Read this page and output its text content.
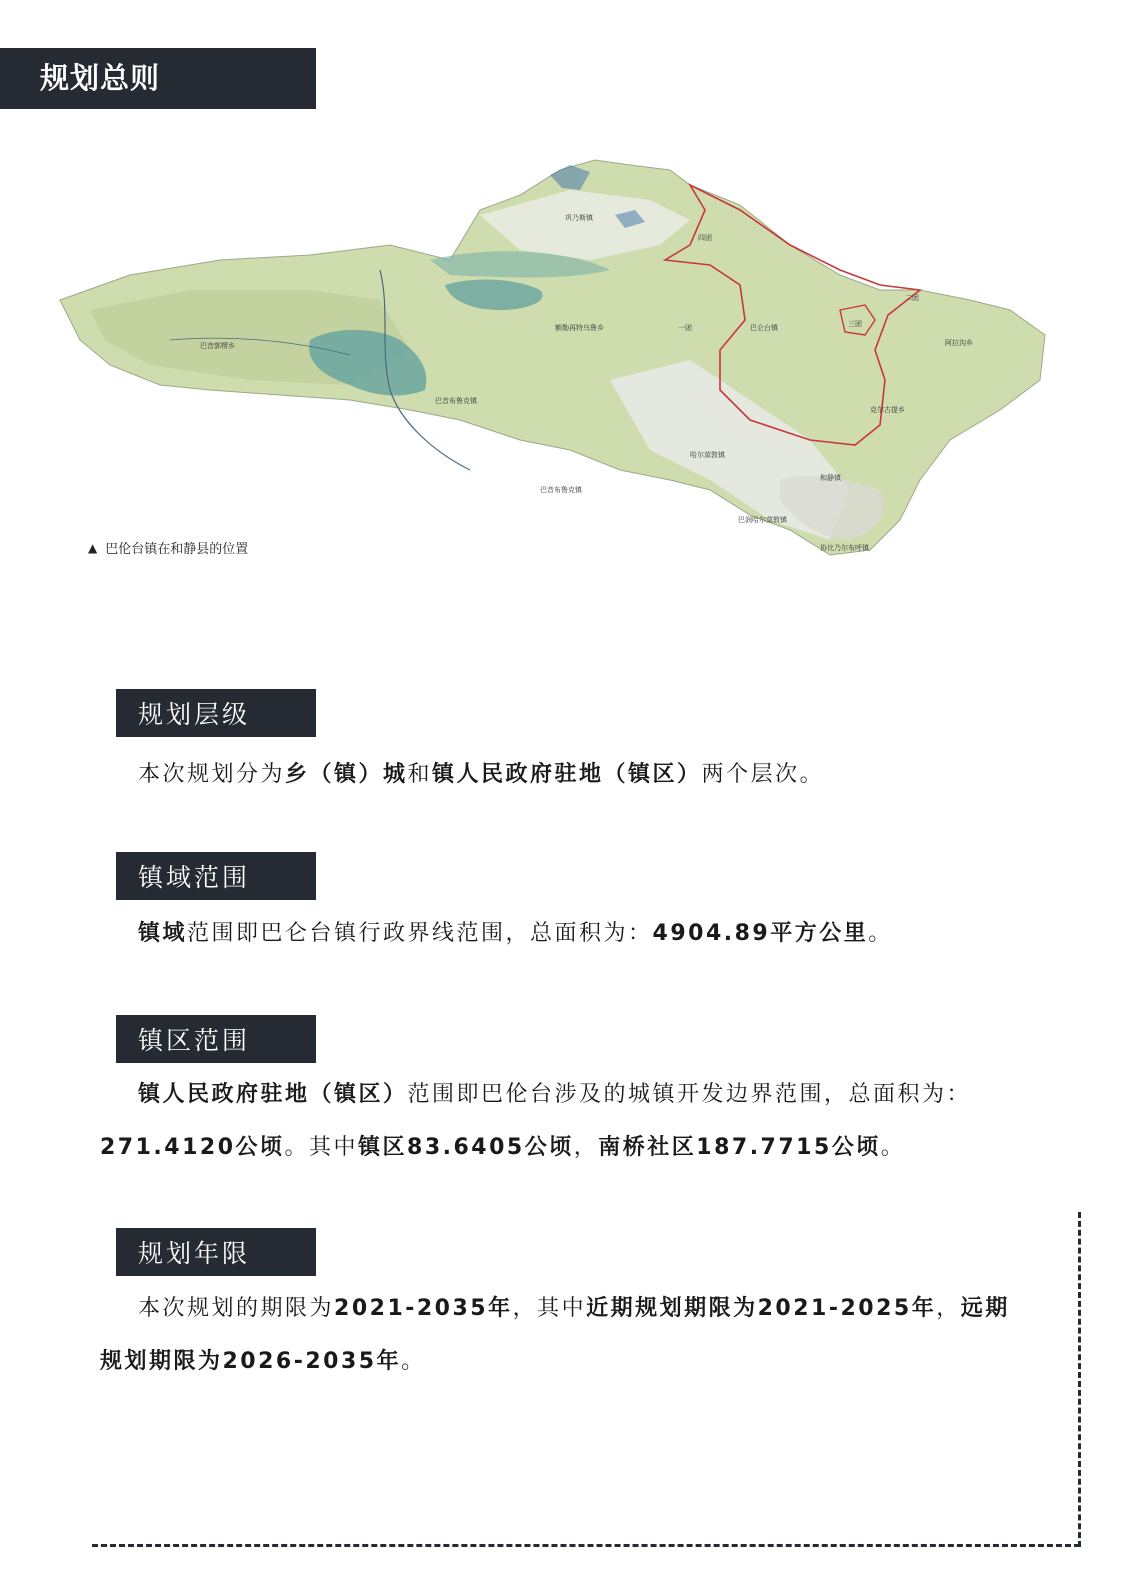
规划总则
巩乃斯镇
巴音郭楞乡
巴音布鲁克镇
额勒再特乌鲁乡	巴仑台镇
阿拉沟乡
克尔古提乡
哈尔莫敦镇
和静镇
巴润哈尔莫敦镇
巴音布鲁克镇
协比乃尔布呼镇
四团
二团
三团
一团
▲ 巴伦台镇在和静县的位置
规划层级
本次规划分为乡（镇）城和镇人民政府驻地（镇区）两个层次。
镇域范围
镇域范围即巴仑台镇行政界线范围，总面积为：4904.89平方公里。
镇区范围
镇人民政府驻地（镇区）范围即巴伦台涉及的城镇开发边界范围，总面积为：271.4120公顷。其中镇区83.6405公顷，南桥社区187.7715公顷。
规划年限
本次规划的期限为2021-2035年，其中近期规划期限为2021-2025年，远期规划期限为2026-2035年。
